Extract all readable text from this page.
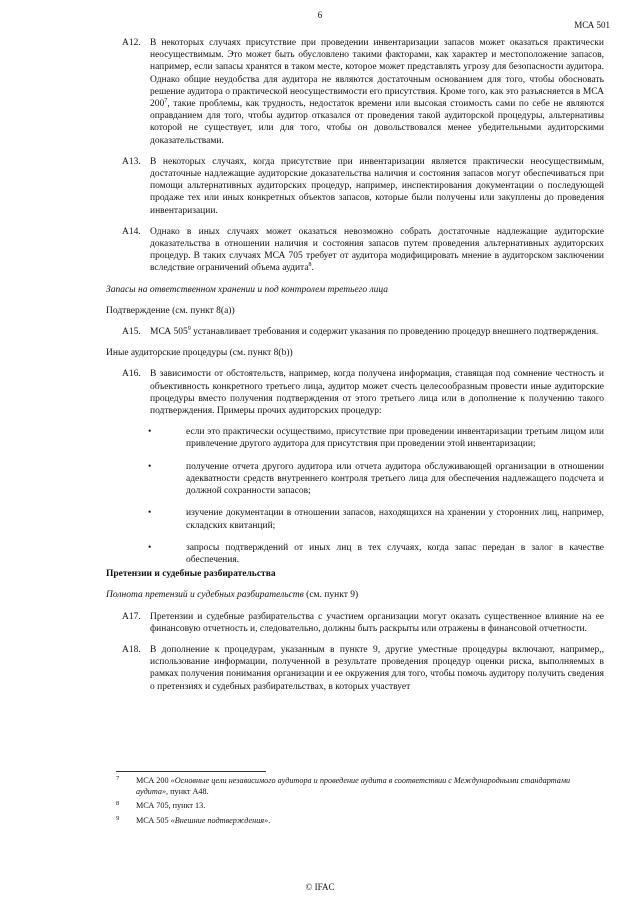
6
МСА 501

A12. В некоторых случаях присутствие при проведении инвентаризации запасов может оказаться практически неосуществимым. Это может быть обусловлено такими факторами, как характер и местоположение запасов, например, если запасы хранятся в таком месте, которое может представлять угрозу для безопасности аудитора. Однако общие неудобства для аудитора не являются достаточным основанием для того, чтобы обосновать решение аудитора о практической неосуществимости его присутствия. Кроме того, как это разъясняется в МСА $200^7$, такие проблемы, как трудность, недостаток времени или высокая стоимость сами по себе не являются оправданием для того, чтобы аудитор отказался от проведения такой аудиторской процедуры, альтернативы которой не существует, или для того, чтобы он довольствовался менее убедительными аудиторскими доказательствами.

A13. В некоторых случаях, когда присутствие при инвентаризации является практически неосуществимым, достаточные надлежащие аудиторские доказательства наличия и состояния запасов могут обеспечиваться при помощи альтернативных аудиторских процедур, например, инспектирования документации о последующей продаже тех или иных конкретных объектов запасов, которые были получены или закуплены до проведения инвентаризации.

A14. Однако в иных случаях может оказаться невозможно собрать достаточные надлежащие аудиторские доказательства в отношении наличия и состояния запасов путем проведения альтернативных аудиторских процедур. В таких случаях МСА 705 требует от аудитора модифицировать мнение в аудиторском заключении вследствие ограничений объема аудита$^8$.

Запасы на ответственном хранении и под контролем третьего лица

Подтверждение (см. пункт 8(а))

A15. МСА $505^9$ устанавливает требования и содержит указания по проведению процедур внешнего подтверждения.

Иные аудиторские процедуры (см. пункт 8(b))

A16. В зависимости от обстоятельств, например, когда получена информация, ставящая под сомнение честность и объективность конкретного третьего лица, аудитор может счесть целесообразным провести иные аудиторские процедуры вместо получения подтверждения от этого третьего лица или в дополнение к получению такого подтверждения. Примеры прочих аудиторских процедур:

•	если это практически осуществимо, присутствие при проведении инвентаризации третьим лицом или привлечение другого аудитора для присутствия при проведении этой инвентаризации;
•	получение отчета другого аудитора или отчета аудитора обслуживающей организации в отношении адекватности средств внутреннего контроля третьего лица для обеспечения надлежащего подсчета и должной сохранности запасов;
•	изучение документации в отношении запасов, находящихся на хранении у сторонних лиц, например, складских квитанций;
•	запросы подтверждений от иных лиц в тех случаях, когда запас передан в залог в качестве обеспечения.

Претензии и судебные разбирательства

Полнота претензий и судебных разбирательств (см. пункт 9)

A17. Претензии и судебные разбирательства с участием организации могут оказать существенное влияние на ее финансовую отчетность и, следовательно, должны быть раскрыты или отражены в финансовой отчетности.

A18. В дополнение к процедурам, указанным в пункте 9, другие уместные процедуры включают, например,, использование информации, полученной в результате проведения процедур оценки риска, выполняемых в рамках получения понимания организации и ее окружения для того, чтобы помочь аудитору получить сведения о претензиях и судебных разбирательствах, в которых участвует

7 МСА 200 «Основные цели независимого аудитора и проведение аудита в соответствии с Международными стандартами аудита», пункт А48.

8 МСА 705, пункт 13.

9 МСА 505 «Внешние подтверждения».

© IFAC
